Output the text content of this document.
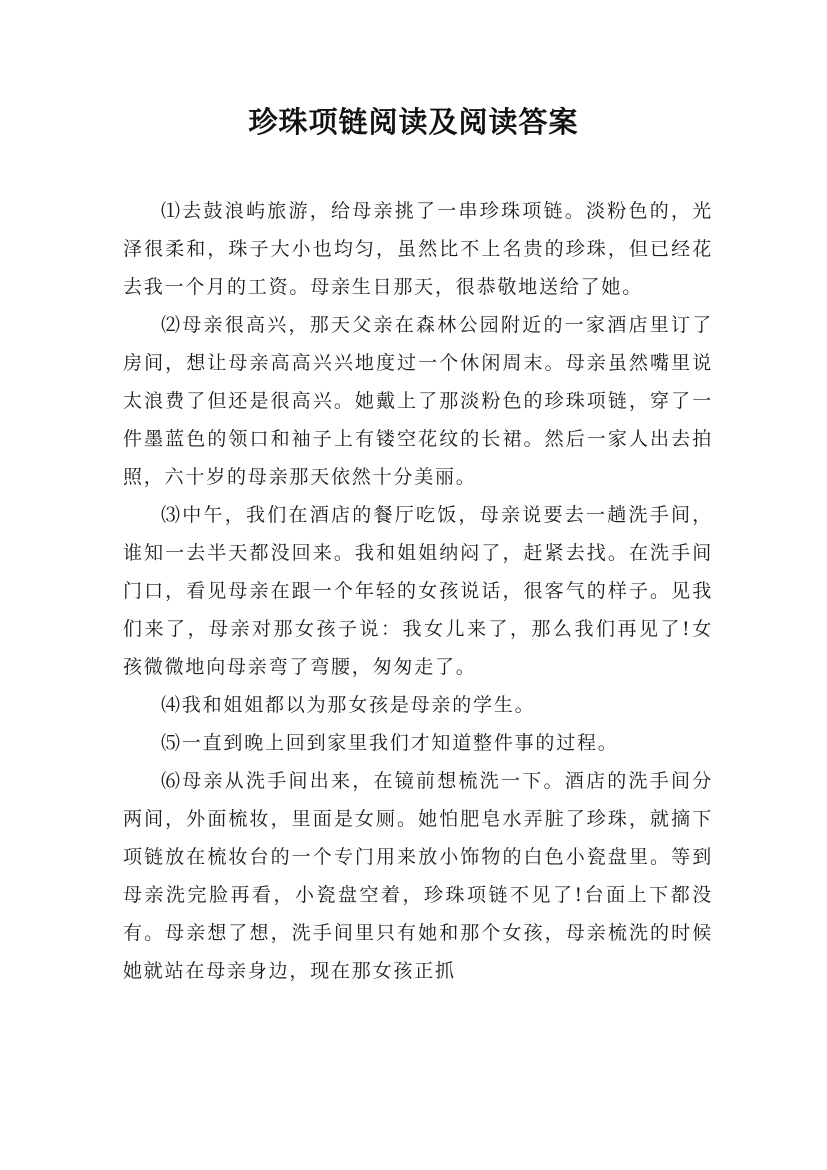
珍珠项链阅读及阅读答案

⑴去鼓浪屿旅游，给母亲挑了一串珍珠项链。淡粉色的，光泽很柔和，珠子大小也均匀，虽然比不上名贵的珍珠，但已经花去我一个月的工资。母亲生日那天，很恭敬地送给了她。

⑵母亲很高兴，那天父亲在森林公园附近的一家酒店里订了房间，想让母亲高高兴兴地度过一个休闲周末。母亲虽然嘴里说太浪费了但还是很高兴。她戴上了那淡粉色的珍珠项链，穿了一件墨蓝色的领口和袖子上有镂空花纹的长裙。然后一家人出去拍照，六十岁的母亲那天依然十分美丽。

⑶中午，我们在酒店的餐厅吃饭，母亲说要去一趟洗手间，谁知一去半天都没回来。我和姐姐纳闷了，赶紧去找。在洗手间门口，看见母亲在跟一个年轻的女孩说话，很客气的样子。见我们来了，母亲对那女孩子说：我女儿来了，那么我们再见了!女孩微微地向母亲弯了弯腰，匆匆走了。

⑷我和姐姐都以为那女孩是母亲的学生。

⑸一直到晚上回到家里我们才知道整件事的过程。

⑹母亲从洗手间出来，在镜前想梳洗一下。酒店的洗手间分两间，外面梳妆，里面是女厕。她怕肥皂水弄脏了珍珠，就摘下项链放在梳妆台的一个专门用来放小饰物的白色小瓷盘里。等到母亲洗完脸再看，小瓷盘空着，珍珠项链不见了!台面上下都没有。母亲想了想，洗手间里只有她和那个女孩，母亲梳洗的时候她就站在母亲身边，现在那女孩正抓
